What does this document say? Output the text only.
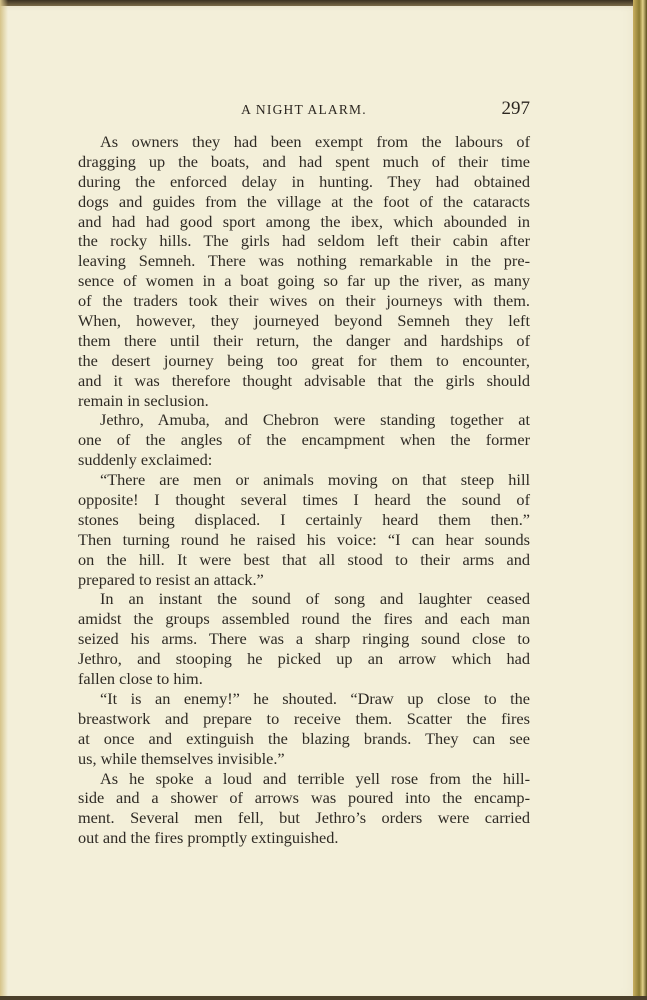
A NIGHT ALARM.	297
As owners they had been exempt from the labours of
dragging up the boats, and had spent much of their time
during the enforced delay in hunting. They had obtained
dogs and guides from the village at the foot of the cataracts
and had had good sport among the ibex, which abounded in
the rocky hills. The girls had seldom left their cabin after
leaving Semneh. There was nothing remarkable in the pre-
sence of women in a boat going so far up the river, as many
of the traders took their wives on their journeys with them.
When, however, they journeyed beyond Semneh they left
them there until their return, the danger and hardships of
the desert journey being too great for them to encounter,
and it was therefore thought advisable that the girls should
remain in seclusion.
Jethro, Amuba, and Chebron were standing together at
one of the angles of the encampment when the former
suddenly exclaimed:
“There are men or animals moving on that steep hill
opposite! I thought several times I heard the sound of
stones being displaced. I certainly heard them then.”
Then turning round he raised his voice: “I can hear sounds
on the hill. It were best that all stood to their arms and
prepared to resist an attack.”
In an instant the sound of song and laughter ceased
amidst the groups assembled round the fires and each man
seized his arms. There was a sharp ringing sound close to
Jethro, and stooping he picked up an arrow which had
fallen close to him.
“It is an enemy!” he shouted. “Draw up close to the
breastwork and prepare to receive them. Scatter the fires
at once and extinguish the blazing brands. They can see
us, while themselves invisible.”
As he spoke a loud and terrible yell rose from the hill-
side and a shower of arrows was poured into the encamp-
ment. Several men fell, but Jethro’s orders were carried
out and the fires promptly extinguished.
